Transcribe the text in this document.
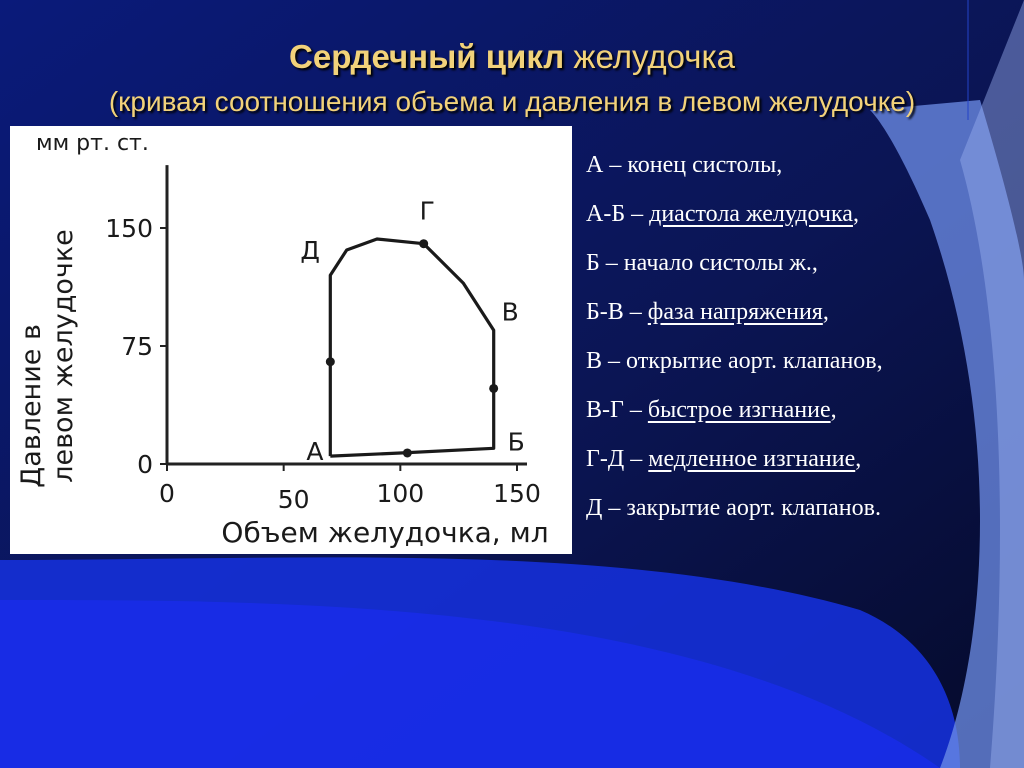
Сердечный цикл желудочка
(кривая соотношения объема и давления в левом желудочке)
мм рт. ст.
Давление в левом желудочке
Объем желудочка, мл
0	50	100	150
0
75
150
А	Б
В
Г
Д
А – конец систолы,
А-Б – диастола желудочка,
Б – начало систолы ж.,
Б-В – фаза напряжения,
В – открытие аорт. клапанов,
В-Г – быстрое изгнание,
Г-Д – медленное изгнание,
Д – закрытие аорт. клапанов.
